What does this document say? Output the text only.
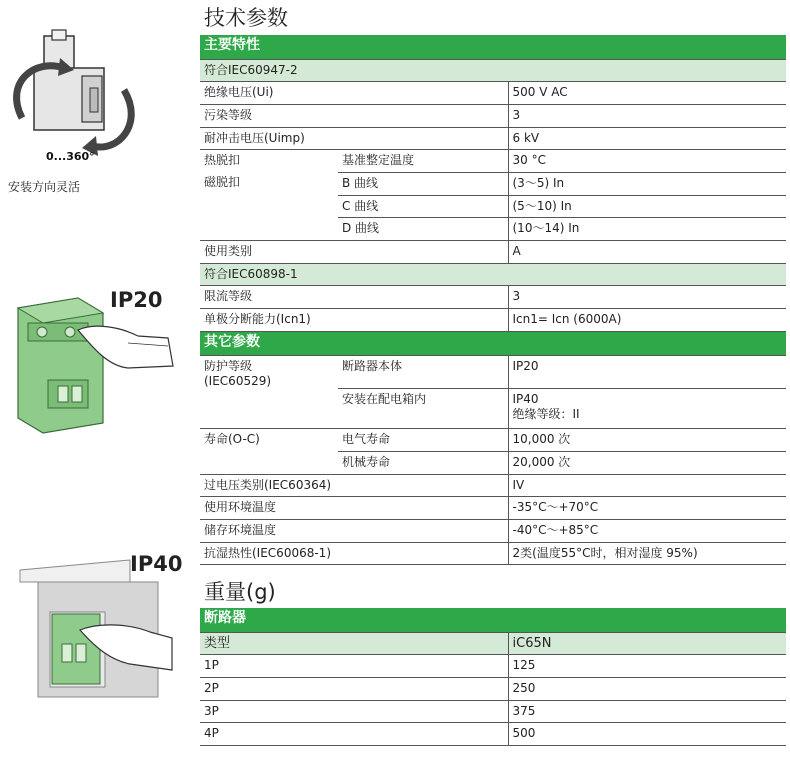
0...360°
安装方向灵活
IP20
IP40
技术参数
主要特性		
符合IEC60947-2		
绝缘电压(Ui)		500 V AC
污染等级		3
耐冲击电压(Uimp)		6 kV
热脱扣	基准整定温度	30 °C
磁脱扣	B 曲线	(3～5) In
	C 曲线	(5～10) In
	D 曲线	(10～14) In
使用类别		A
符合IEC60898-1		
限流等级		3
单极分断能力(Icn1)		Icn1= Icn (6000A)
其它参数		

防护等级
(IEC60529)	断路器本体	IP20
	安装在配电箱内	IP40
绝缘等级：II

寿命(O-C)	电气寿命	10,000 次
	机械寿命	20,000 次
过电压类别(IEC60364)		IV
使用环境温度		-35°C～+70°C
储存环境温度		-40°C～+85°C
抗湿热性(IEC60068-1)		2类(温度55°C时，相对湿度 95%)
重量(g)
断路器	
类型	iC65N
1P	125
2P	250
3P	375
4P	500
